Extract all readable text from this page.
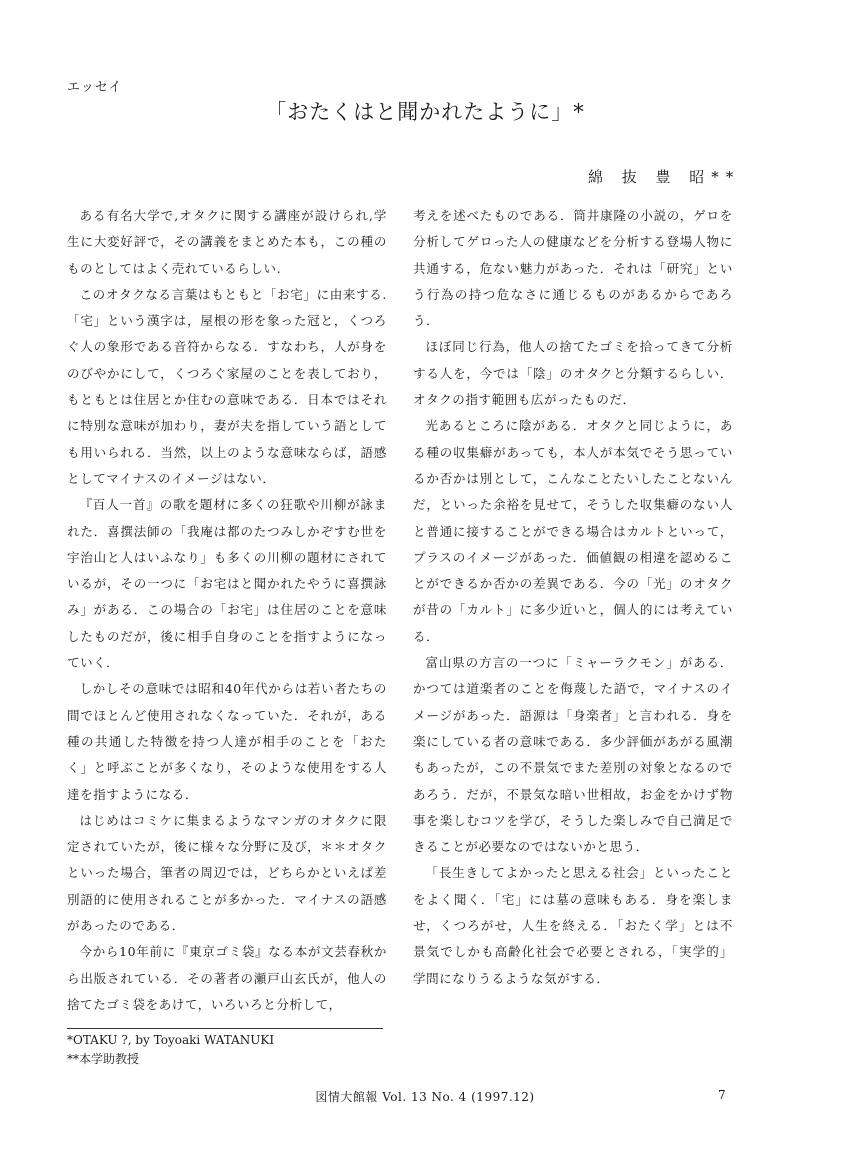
エッセイ
「おたくはと聞かれたように」*
綿 抜 豊 昭**

ある有名大学で,オタクに関する講座が設けられ,学生に大変好評で，その講義をまとめた本も，この種のものとしてはよく売れているらしい.

このオタクなる言葉はもともと「お宅」に由来する.「宅」という漢字は，屋根の形を象った冠と，くつろぐ人の象形である音符からなる．すなわち，人が身をのびやかにして，くつろぐ家屋のことを表しており，もともとは住居とか住むの意味である．日本ではそれに特別な意味が加わり，妻が夫を指していう語としても用いられる．当然，以上のような意味ならば，語感としてマイナスのイメージはない．

『百人一首』の歌を題材に多くの狂歌や川柳が詠まれた．喜撰法師の「我庵は都のたつみしかぞすむ世を宇治山と人はいふなり」も多くの川柳の題材にされているが，その一つに「お宅はと聞かれたやうに喜撰詠み」がある．この場合の「お宅」は住居のことを意味したものだが，後に相手自身のことを指すようになっていく．

しかしその意味では昭和40年代からは若い者たちの間でほとんど使用されなくなっていた．それが，ある種の共通した特徴を持つ人達が相手のことを「おたく」と呼ぶことが多くなり，そのような使用をする人達を指すようになる．

はじめはコミケに集まるようなマンガのオタクに限定されていたが，後に様々な分野に及び，＊＊オタクといった場合，筆者の周辺では，どちらかといえば差別語的に使用されることが多かった．マイナスの語感があったのである．

今から10年前に『東京ゴミ袋』なる本が文芸春秋から出版されている．その著者の瀬戸山玄氏が，他人の捨てたゴミ袋をあけて，いろいろと分析して，

考えを述べたものである．筒井康隆の小説の，ゲロを分析してゲロった人の健康などを分析する登場人物に共通する，危ない魅力があった．それは「研究」という行為の持つ危なさに通じるものがあるからであろう．

ほぼ同じ行為，他人の捨てたゴミを拾ってきて分析する人を，今では「陰」のオタクと分類するらしい．オタクの指す範囲も広がったものだ．

光あるところに陰がある．オタクと同じように，ある種の収集癖があっても，本人が本気でそう思っているか否かは別として，こんなことたいしたことないんだ，といった余裕を見せて，そうした収集癖のない人と普通に接することができる場合はカルトといって，プラスのイメージがあった．価値観の相違を認めることができるか否かの差異である．今の「光」のオタクが昔の「カルト」に多少近いと，個人的には考えている．

富山県の方言の一つに「ミャーラクモン」がある．かつては道楽者のことを侮蔑した語で，マイナスのイメージがあった．語源は「身楽者」と言われる．身を楽にしている者の意味である．多少評価があがる風潮もあったが，この不景気でまた差別の対象となるのであろう．だが，不景気な暗い世相故，お金をかけず物事を楽しむコツを学び，そうした楽しみで自己満足できることが必要なのではないかと思う．

「長生きしてよかったと思える社会」といったことをよく聞く．「宅」には墓の意味もある．身を楽しませ，くつろがせ，人生を終える．「おたく学」とは不景気でしかも高齢化社会で必要とされる，「実学的」学問になりうるような気がする．

*OTAKU ?, by Toyoaki WATANUKI
**本学助教授
図情大館報 Vol. 13 No. 4 (1997.12)	7
